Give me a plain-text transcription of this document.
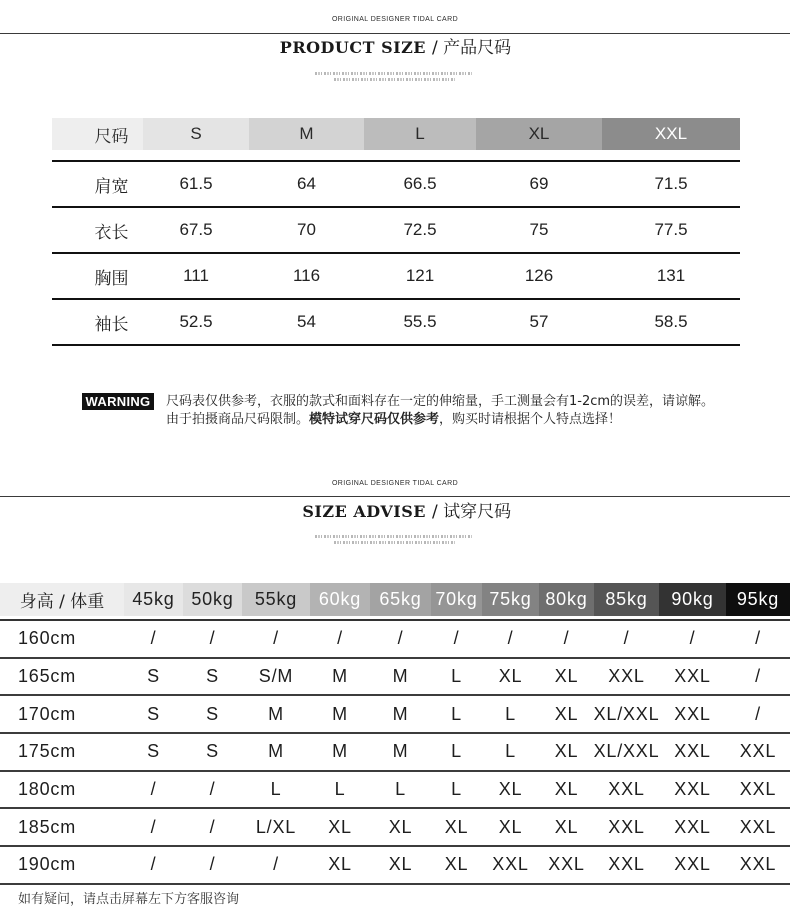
ORIGINAL DESIGNER TIDAL CARD
PRODUCT SIZE / 产品尺码
尺码	S	M	L	XL	XXL
肩宽	61.5	64	66.5	69	71.5
衣长	67.5	70	72.5	75	77.5
胸围	111	116	121	126	131
袖长	52.5	54	55.5	57	58.5
WARNING 尺码表仅供参考，衣服的款式和面料存在一定的伸缩量，手工测量会有1-2cm的误差，请谅解。
由于拍摄商品尺码限制。模特试穿尺码仅供参考，购买时请根据个人特点选择！
ORIGINAL DESIGNER TIDAL CARD
SIZE ADVISE / 试穿尺码
身高 / 体重	45kg 50kg	55kg	60kg	65kg 70kg 75kg 80kg 85kg	90kg	95kg
160cm	/	/	/	/	/	/	/	/	/	/	/
165cm	S	S	S/M	M	M	L	XL	XL	XXL	XXL	/
170cm	S	S	M	M	M	L	L	XL XL/XXL XXL	/
175cm	S	S	M	M	M	L	L	XL XL/XXL XXL	XXL
180cm	/	/	L	L	L	L	XL	XL	XXL	XXL	XXL
185cm	/	/	L/XL	XL	XL	XL	XL	XL	XXL	XXL	XXL
190cm	/	/	/	XL	XL	XL	XXL	XXL	XXL	XXL	XXL
如有疑问，请点击屏幕左下方客服咨询
